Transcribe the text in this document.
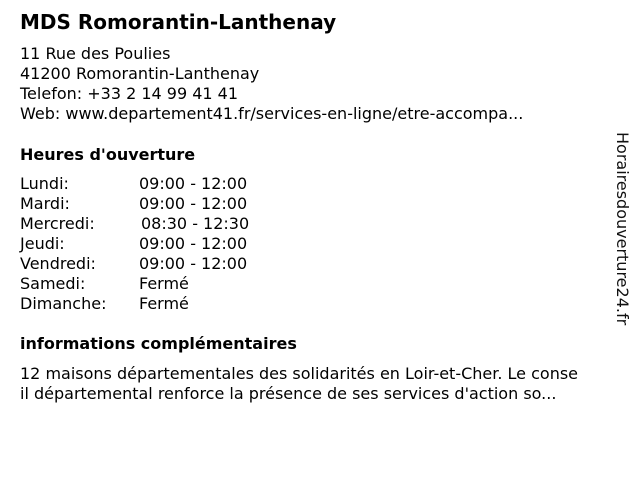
MDS Romorantin-Lanthenay
11 Rue des Poulies
41200 Romorantin-Lanthenay
Telefon: +33 2 14 99 41 41
Web: www.departement41.fr/services-en-ligne/etre-accompa...
Heures d'ouverture
Lundi:	09:00 - 12:00
Mardi:	09:00 - 12:00
Mercredi:	08:30 - 12:30
Jeudi:	09:00 - 12:00
Vendredi:	09:00 - 12:00
Samedi:	Fermé
Dimanche: Fermé
informations complémentaires
12 maisons départementales des solidarités en Loir-et-Cher. Le conse
il départemental renforce la présence de ses services d'action so...
Horairesdouverture24.fr
